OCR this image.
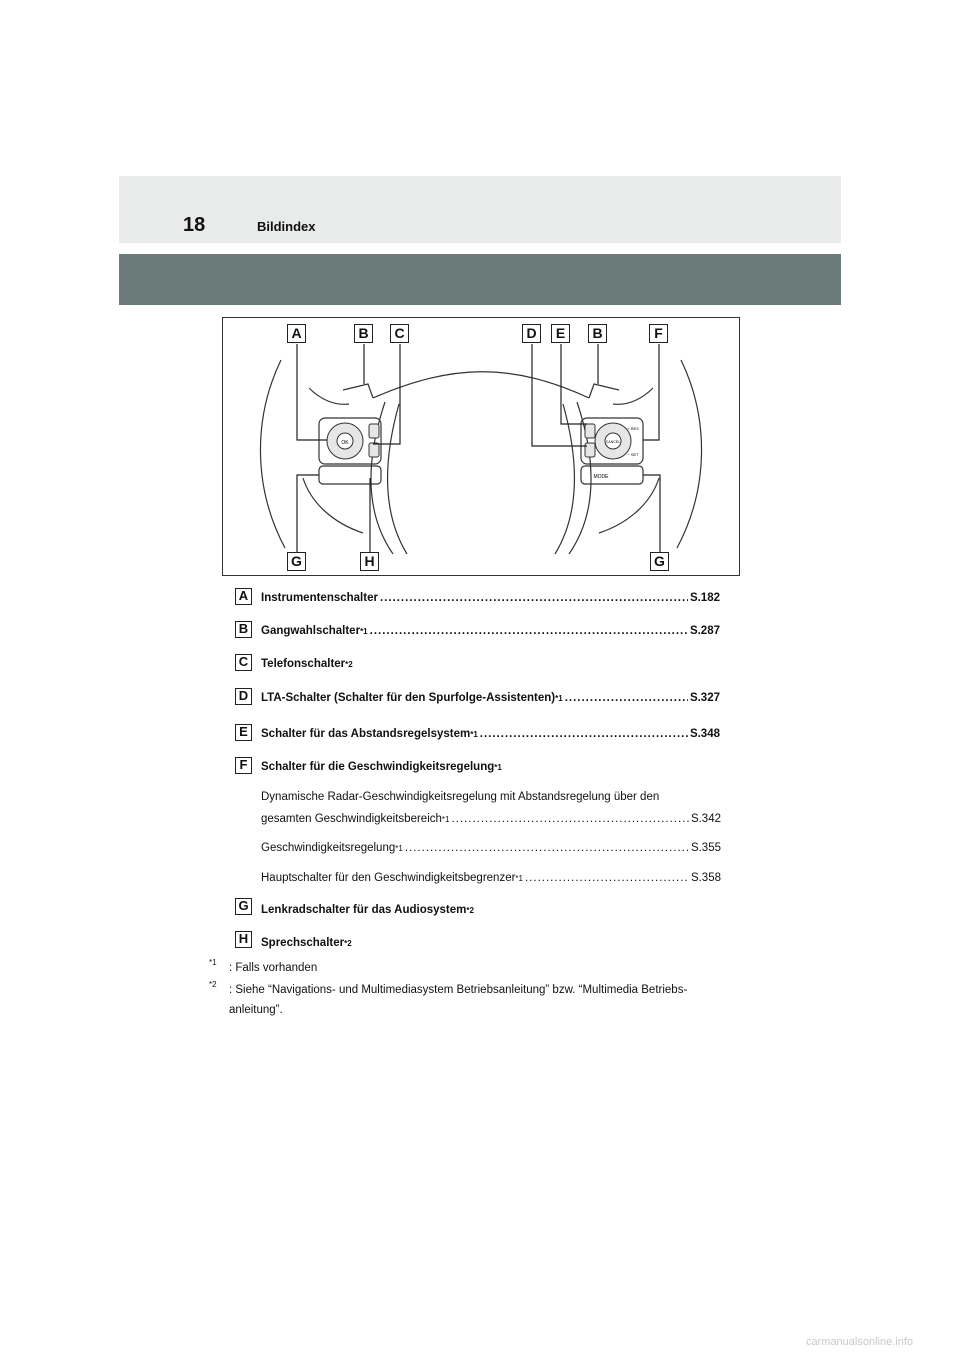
18	Bildindex
OK
MODE
+ RES
− SET
CANCEL
A	B	C	D	E	B	F
G	H	G
A	Instrumentenschalter .....	S.182
B	Gangwahlschalter *1 .....	S.287
C	Telefonschalter *2
D	LTA-Schalter (Schalter für den Spurfolge-Assistenten) *1 .....	S.327
E	Schalter für das Abstandsregelsystem *1 .....	S.348
F	Schalter für die Geschwindigkeitsregelung *1
Dynamische Radar-Geschwindigkeitsregelung mit Abstandsregelung über den
gesamten Geschwindigkeitsbereich *1 .....	S.342
Geschwindigkeitsregelung *1 .....	S.355
Hauptschalter für den Geschwindigkeitsbegrenzer *1 .....	S.358
G Lenkradschalter für das Audiosystem *2
H	Sprechschalter *2
$^{*1}$ : Falls vorhanden
$^{*2}$ : Siehe “Navigations- und Multimediasystem Betriebsanleitung” bzw. “Multimedia Betriebs-
anleitung”.
carmanualsonline.info
